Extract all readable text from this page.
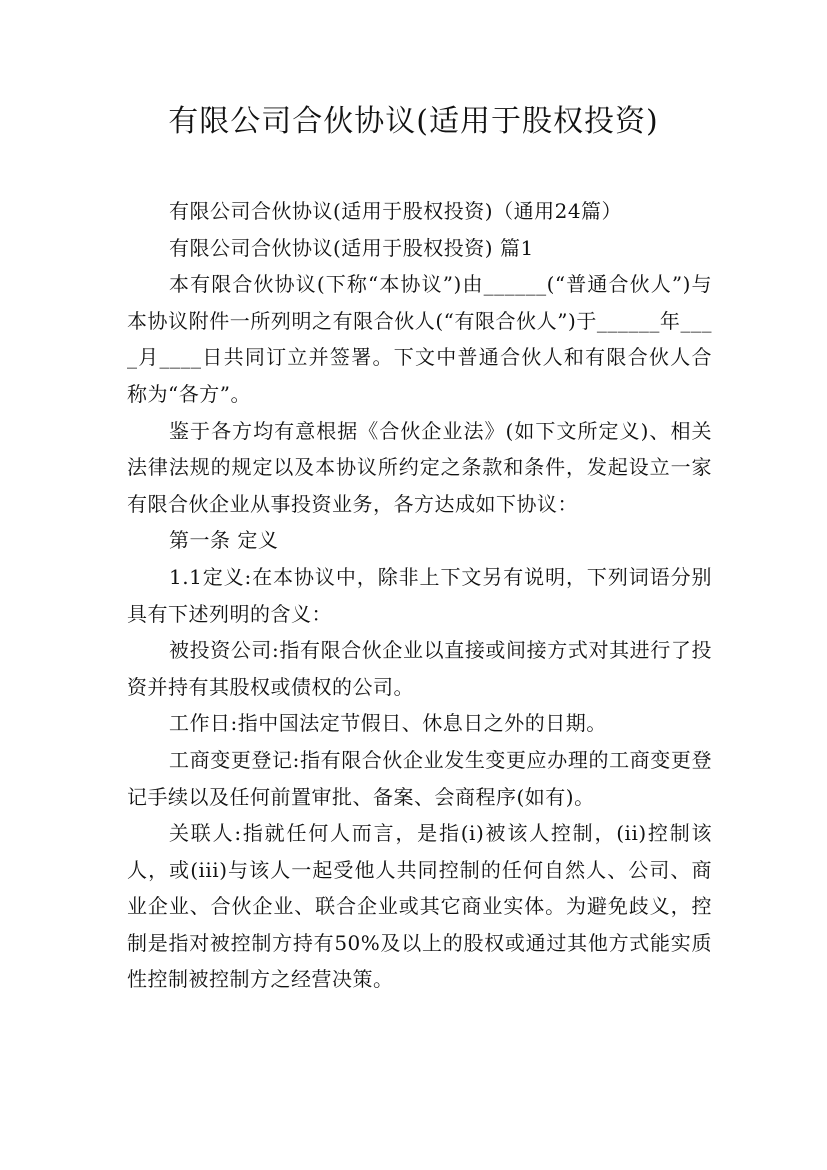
有限公司合伙协议(适用于股权投资)

有限公司合伙协议(适用于股权投资)（通用24篇）

有限公司合伙协议(适用于股权投资) 篇1

本有限合伙协议(下称“本协议”)由______(“普通合伙人”)与本协议附件一所列明之有限合伙人(“有限合伙人”)于______年____月____日共同订立并签署。下文中普通合伙人和有限合伙人合称为“各方”。

鉴于各方均有意根据《合伙企业法》(如下文所定义)、相关法律法规的规定以及本协议所约定之条款和条件，发起设立一家有限合伙企业从事投资业务，各方达成如下协议：

第一条 定义

1.1定义:在本协议中，除非上下文另有说明，下列词语分别具有下述列明的含义：

被投资公司:指有限合伙企业以直接或间接方式对其进行了投资并持有其股权或债权的公司。

工作日:指中国法定节假日、休息日之外的日期。

工商变更登记:指有限合伙企业发生变更应办理的工商变更登记手续以及任何前置审批、备案、会商程序(如有)。

关联人:指就任何人而言，是指(i)被该人控制，(ii)控制该人，或(iii)与该人一起受他人共同控制的任何自然人、公司、商业企业、合伙企业、联合企业或其它商业实体。为避免歧义，控制是指对被控制方持有50%及以上的股权或通过其他方式能实质性控制被控制方之经营决策。
